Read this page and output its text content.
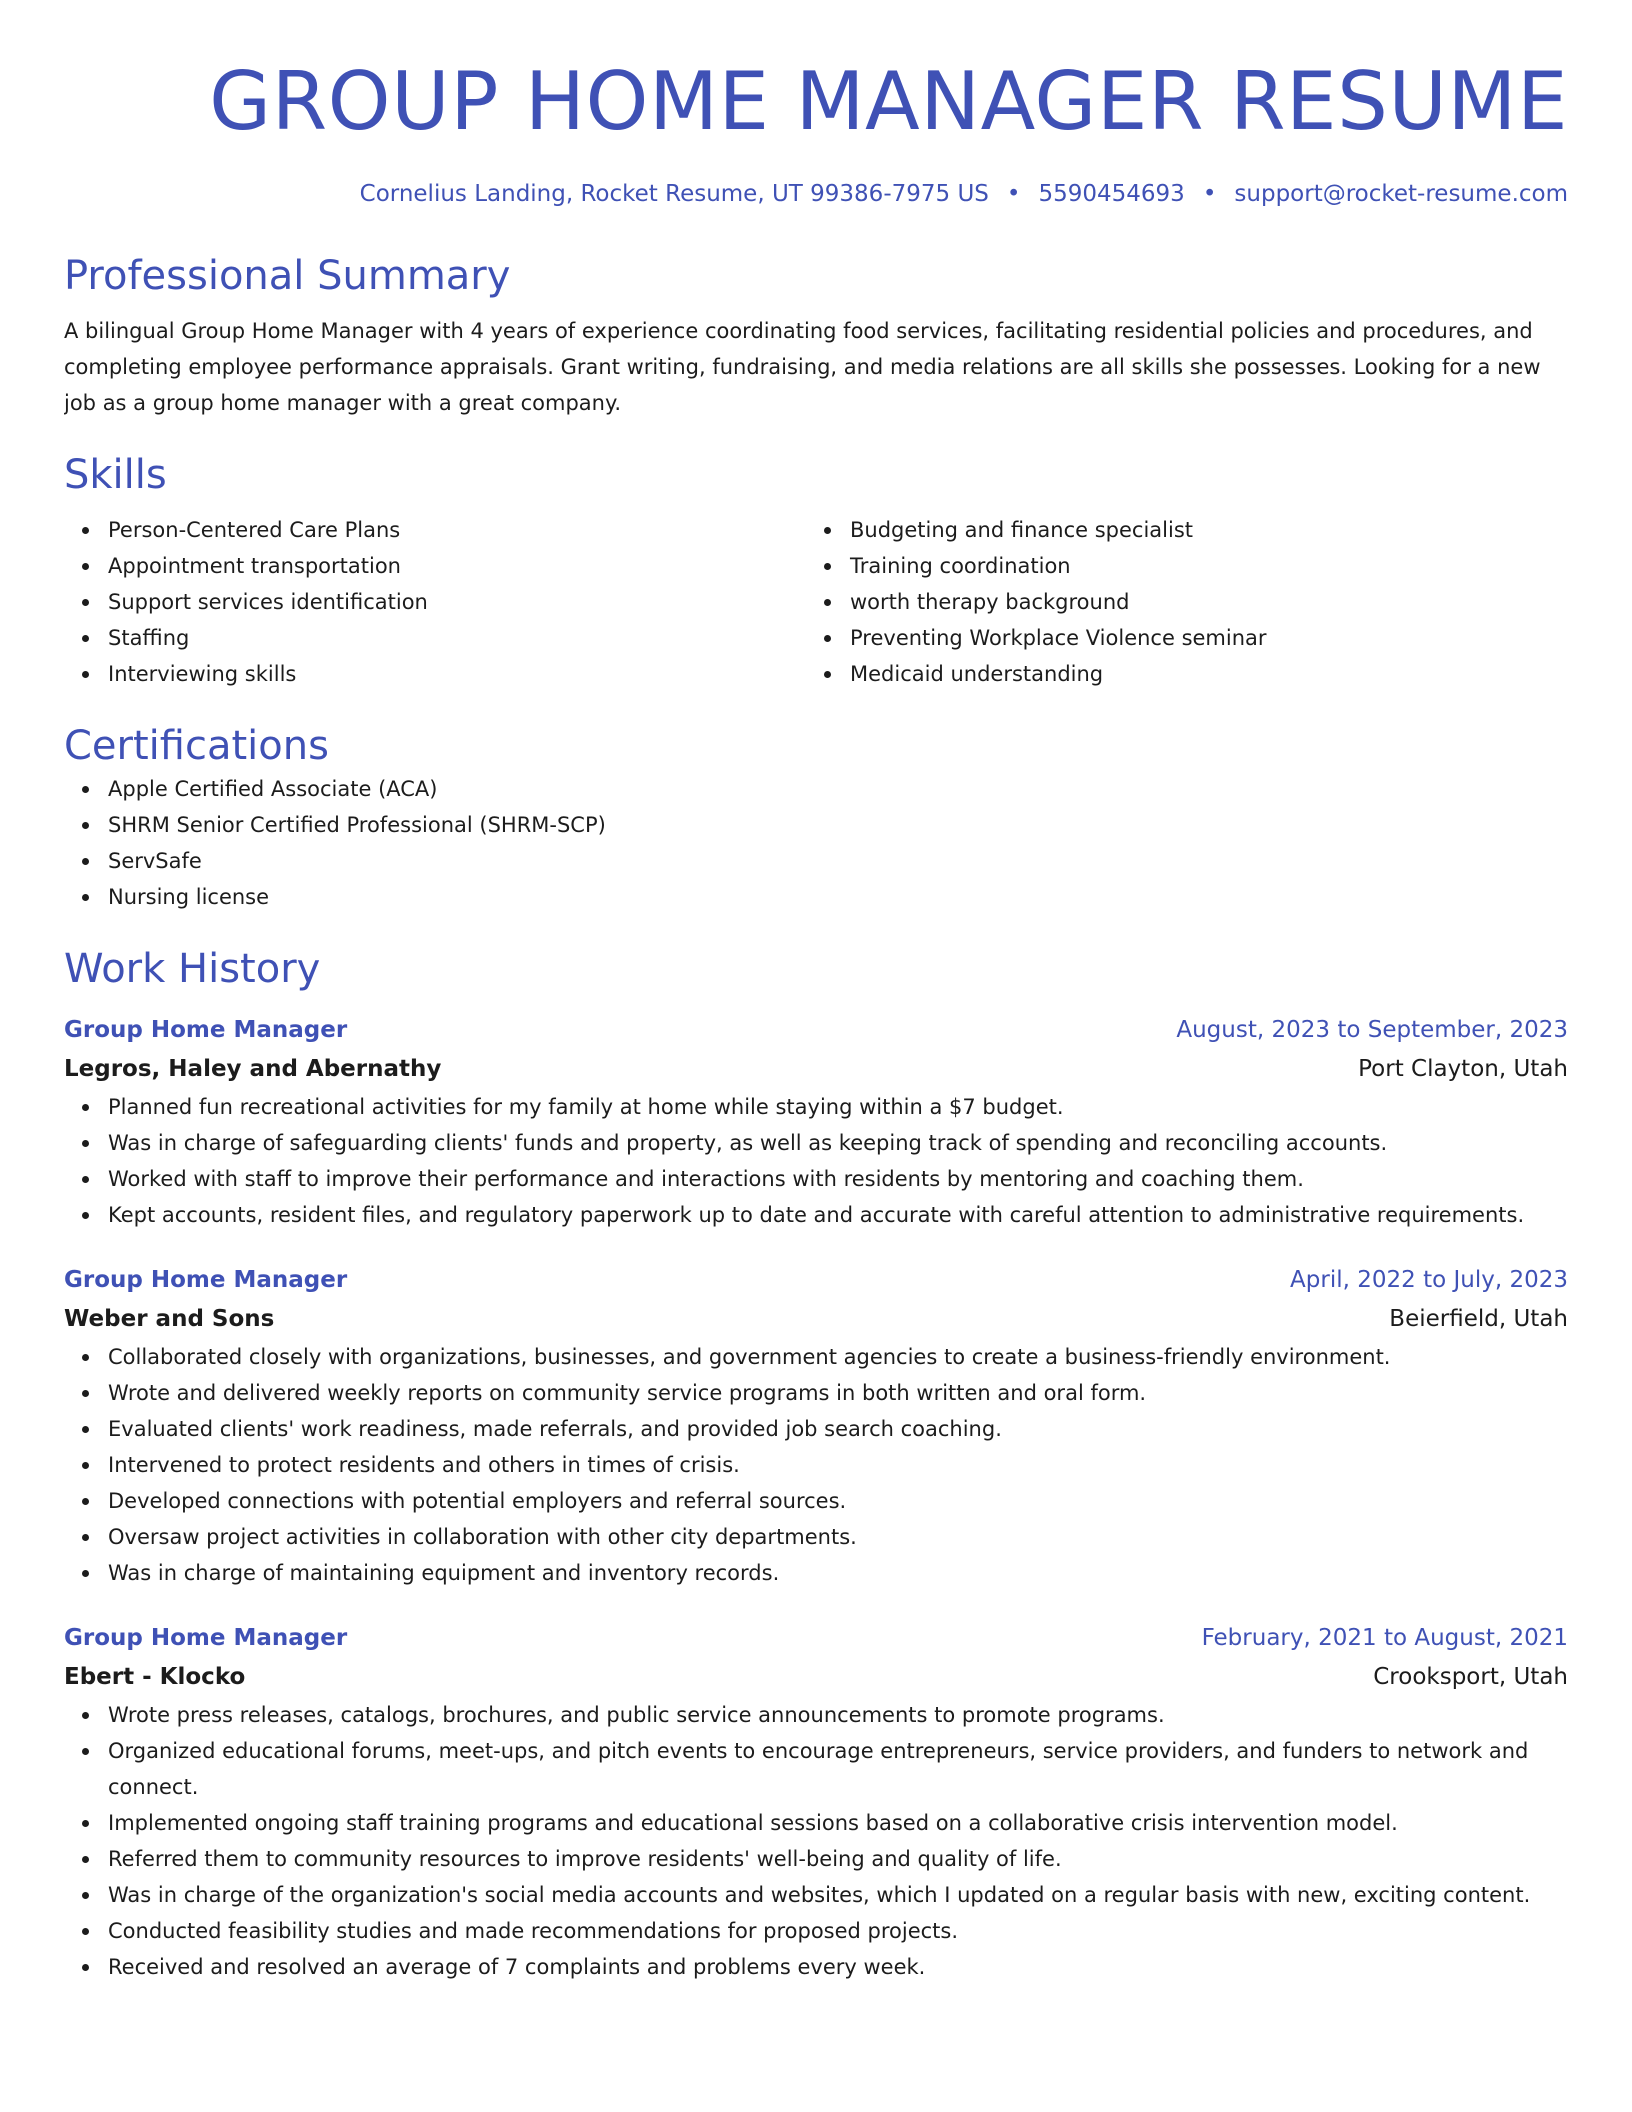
GROUP HOME MANAGER RESUME
Cornelius Landing, Rocket Resume, UT 99386-7975 US • 5590454693 • support@rocket-resume.com
Professional Summary
A bilingual Group Home Manager with 4 years of experience coordinating food services, facilitating residential policies and procedures, and completing employee performance appraisals. Grant writing, fundraising, and media relations are all skills she possesses. Looking for a new job as a group home manager with a great company.
Skills
Person-Centered Care Plans
Appointment transportation
Support services identification
Staffing
Interviewing skills
Budgeting and finance specialist
Training coordination
worth therapy background
Preventing Workplace Violence seminar
Medicaid understanding
Certifications
Apple Certified Associate (ACA)
SHRM Senior Certified Professional (SHRM-SCP)
ServSafe
Nursing license
Work History
Group Home Manager	August, 2023 to September, 2023
Legros, Haley and Abernathy	Port Clayton, Utah
Planned fun recreational activities for my family at home while staying within a $7 budget.
Was in charge of safeguarding clients' funds and property, as well as keeping track of spending and reconciling accounts.
Worked with staff to improve their performance and interactions with residents by mentoring and coaching them.
Kept accounts, resident files, and regulatory paperwork up to date and accurate with careful attention to administrative requirements.
Group Home Manager	April, 2022 to July, 2023
Weber and Sons	Beierfield, Utah
Collaborated closely with organizations, businesses, and government agencies to create a business-friendly environment.
Wrote and delivered weekly reports on community service programs in both written and oral form.
Evaluated clients' work readiness, made referrals, and provided job search coaching.
Intervened to protect residents and others in times of crisis.
Developed connections with potential employers and referral sources.
Oversaw project activities in collaboration with other city departments.
Was in charge of maintaining equipment and inventory records.
Group Home Manager	February, 2021 to August, 2021
Ebert - Klocko	Crooksport, Utah
Wrote press releases, catalogs, brochures, and public service announcements to promote programs.
Organized educational forums, meet-ups, and pitch events to encourage entrepreneurs, service providers, and funders to network and connect.
Implemented ongoing staff training programs and educational sessions based on a collaborative crisis intervention model.
Referred them to community resources to improve residents' well-being and quality of life.
Was in charge of the organization's social media accounts and websites, which I updated on a regular basis with new, exciting content.
Conducted feasibility studies and made recommendations for proposed projects.
Received and resolved an average of 7 complaints and problems every week.
